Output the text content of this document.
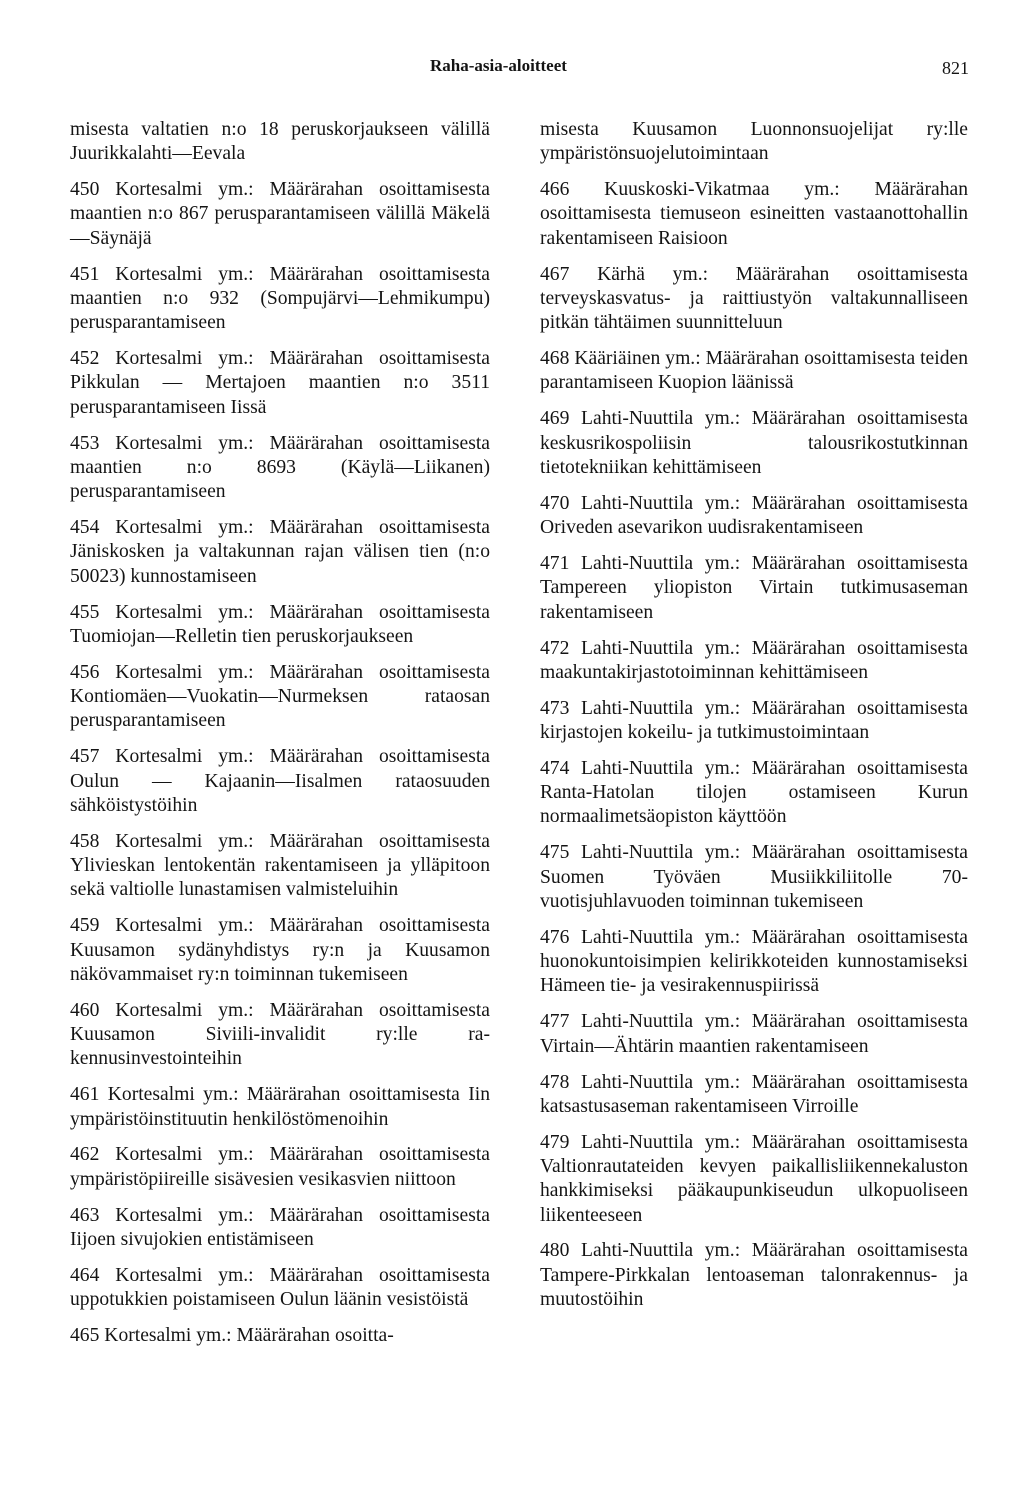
Raha-asia-aloitteet	821

misesta valtatien n:o 18 peruskorjaukseen välillä Juurikkalahti—Eevala

450 Kortesalmi ym.: Määrärahan osoittamisesta maantien n:o 867 perusparantamiseen välillä Mäkelä—Säynäjä

451 Kortesalmi ym.: Määrärahan osoittamisesta maantien n:o 932 (Sompujärvi—Lehmikumpu) perusparantamiseen

452 Kortesalmi ym.: Määrärahan osoittamisesta Pikkulan — Mertajoen maantien n:o 3511 perusparantamiseen Iissä

453 Kortesalmi ym.: Määrärahan osoittamisesta maantien n:o 8693 (Käylä—Liikanen) perusparantamiseen

454 Kortesalmi ym.: Määrärahan osoittamisesta Jäniskosken ja valtakunnan rajan välisen tien (n:o 50023) kunnostamiseen

455 Kortesalmi ym.: Määrärahan osoittamisesta Tuomiojan—Relletin tien peruskorjaukseen

456 Kortesalmi ym.: Määrärahan osoittamisesta Kontiomäen—Vuokatin—Nurmeksen rataosan perusparantamiseen

457 Kortesalmi ym.: Määrärahan osoittamisesta Oulun — Kajaanin—Iisalmen rataosuuden sähköistystöihin

458 Kortesalmi ym.: Määrärahan osoittamisesta Ylivieskan lentokentän rakentamiseen ja ylläpitoon sekä valtiolle lunastamisen valmisteluihin

459 Kortesalmi ym.: Määrärahan osoittamisesta Kuusamon sydänyhdistys ry:n ja Kuusamon näkövammaiset ry:n toiminnan tukemiseen

460 Kortesalmi ym.: Määrärahan osoittamisesta Kuusamon Siviili-invalidit ry:lle rakennusinvestointeihin

461 Kortesalmi ym.: Määrärahan osoittamisesta Iin ympäristöinstituutin henkilöstömenoihin

462 Kortesalmi ym.: Määrärahan osoittamisesta ympäristöpiireille sisävesien vesikasvien niittoon

463 Kortesalmi ym.: Määrärahan osoittamisesta Iijoen sivujokien entistämiseen

464 Kortesalmi ym.: Määrärahan osoittamisesta uppotukkien poistamiseen Oulun läänin vesistöistä

465 Kortesalmi ym.: Määrärahan osoitta-

misesta Kuusamon Luonnonsuojelijat ry:lle ympäristönsuojelutoimintaan

466 Kuuskoski-Vikatmaa ym.: Määrärahan osoittamisesta tiemuseon esineitten vastaanottohallin rakentamiseen Raisioon

467 Kärhä ym.: Määrärahan osoittamisesta terveyskasvatus- ja raittiustyön valtakunnalliseen pitkän tähtäimen suunnitteluun

468 Kääriäinen ym.: Määrärahan osoittamisesta teiden parantamiseen Kuopion läänissä

469 Lahti-Nuuttila ym.: Määrärahan osoittamisesta keskusrikospoliisin talousrikostutkinnan tietotekniikan kehittämiseen

470 Lahti-Nuuttila ym.: Määrärahan osoittamisesta Oriveden asevarikon uudisrakentamiseen

471 Lahti-Nuuttila ym.: Määrärahan osoittamisesta Tampereen yliopiston Virtain tutkimusaseman rakentamiseen

472 Lahti-Nuuttila ym.: Määrärahan osoittamisesta maakuntakirjastotoiminnan kehittämiseen

473 Lahti-Nuuttila ym.: Määrärahan osoittamisesta kirjastojen kokeilu- ja tutkimustoimintaan

474 Lahti-Nuuttila ym.: Määrärahan osoittamisesta Ranta-Hatolan tilojen ostamiseen Kurun normaalimetsäopiston käyttöön

475 Lahti-Nuuttila ym.: Määrärahan osoittamisesta Suomen Työväen Musiikkiliitolle 70-vuotisjuhlavuoden toiminnan tukemiseen

476 Lahti-Nuuttila ym.: Määrärahan osoittamisesta huonokuntoisimpien kelirikkoteiden kunnostamiseksi Hämeen tie- ja vesirakennuspiirissä

477 Lahti-Nuuttila ym.: Määrärahan osoittamisesta Virtain—Ähtärin maantien rakentamiseen

478 Lahti-Nuuttila ym.: Määrärahan osoittamisesta katsastusaseman rakentamiseen Virroille

479 Lahti-Nuuttila ym.: Määrärahan osoittamisesta Valtionrautateiden kevyen paikallisliikennekaluston hankkimiseksi pääkaupunkiseudun ulkopuoliseen liikenteeseen

480 Lahti-Nuuttila ym.: Määrärahan osoittamisesta Tampere-Pirkkalan lentoaseman talonrakennus- ja muutostöihin
